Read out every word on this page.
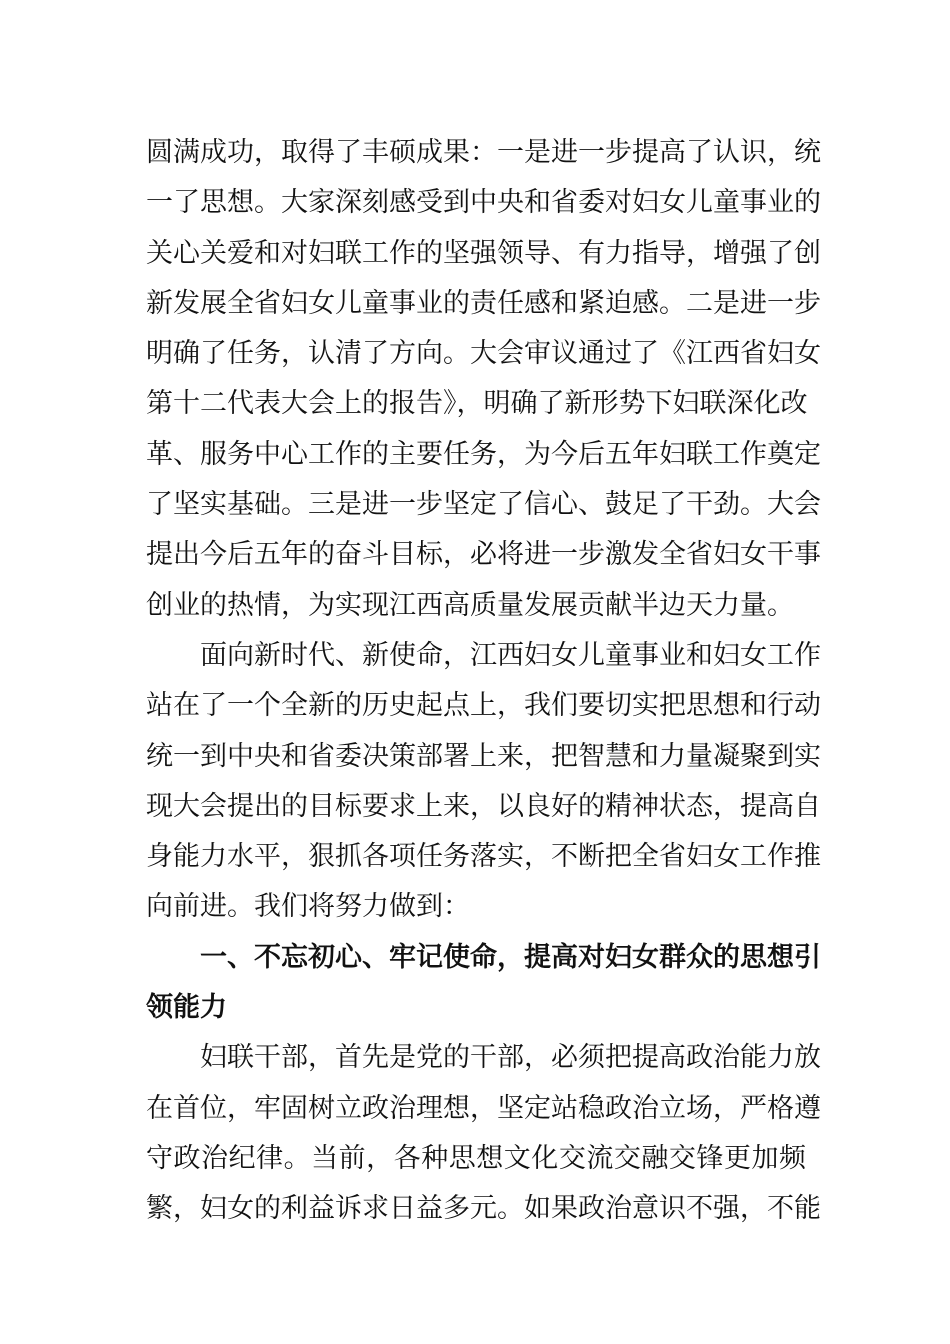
圆满成功，取得了丰硕成果：一是进一步提高了认识，统
一了思想。大家深刻感受到中央和省委对妇女儿童事业的
关心关爱和对妇联工作的坚强领导、有力指导，增强了创
新发展全省妇女儿童事业的责任感和紧迫感。二是进一步
明确了任务，认清了方向。大会审议通过了《江西省妇女
第十二代表大会上的报告》，明确了新形势下妇联深化改
革、服务中心工作的主要任务，为今后五年妇联工作奠定
了坚实基础。三是进一步坚定了信心、鼓足了干劲。大会
提出今后五年的奋斗目标，必将进一步激发全省妇女干事
创业的热情，为实现江西高质量发展贡献半边天力量。
面向新时代、新使命，江西妇女儿童事业和妇女工作
站在了一个全新的历史起点上，我们要切实把思想和行动
统一到中央和省委决策部署上来，把智慧和力量凝聚到实
现大会提出的目标要求上来，以良好的精神状态，提高自
身能力水平，狠抓各项任务落实，不断把全省妇女工作推
向前进。我们将努力做到：
一、不忘初心、牢记使命，提高对妇女群众的思想引
领能力
妇联干部，首先是党的干部，必须把提高政治能力放
在首位，牢固树立政治理想，坚定站稳政治立场，严格遵
守政治纪律。当前，各种思想文化交流交融交锋更加频
繁，妇女的利益诉求日益多元。如果政治意识不强，不能
